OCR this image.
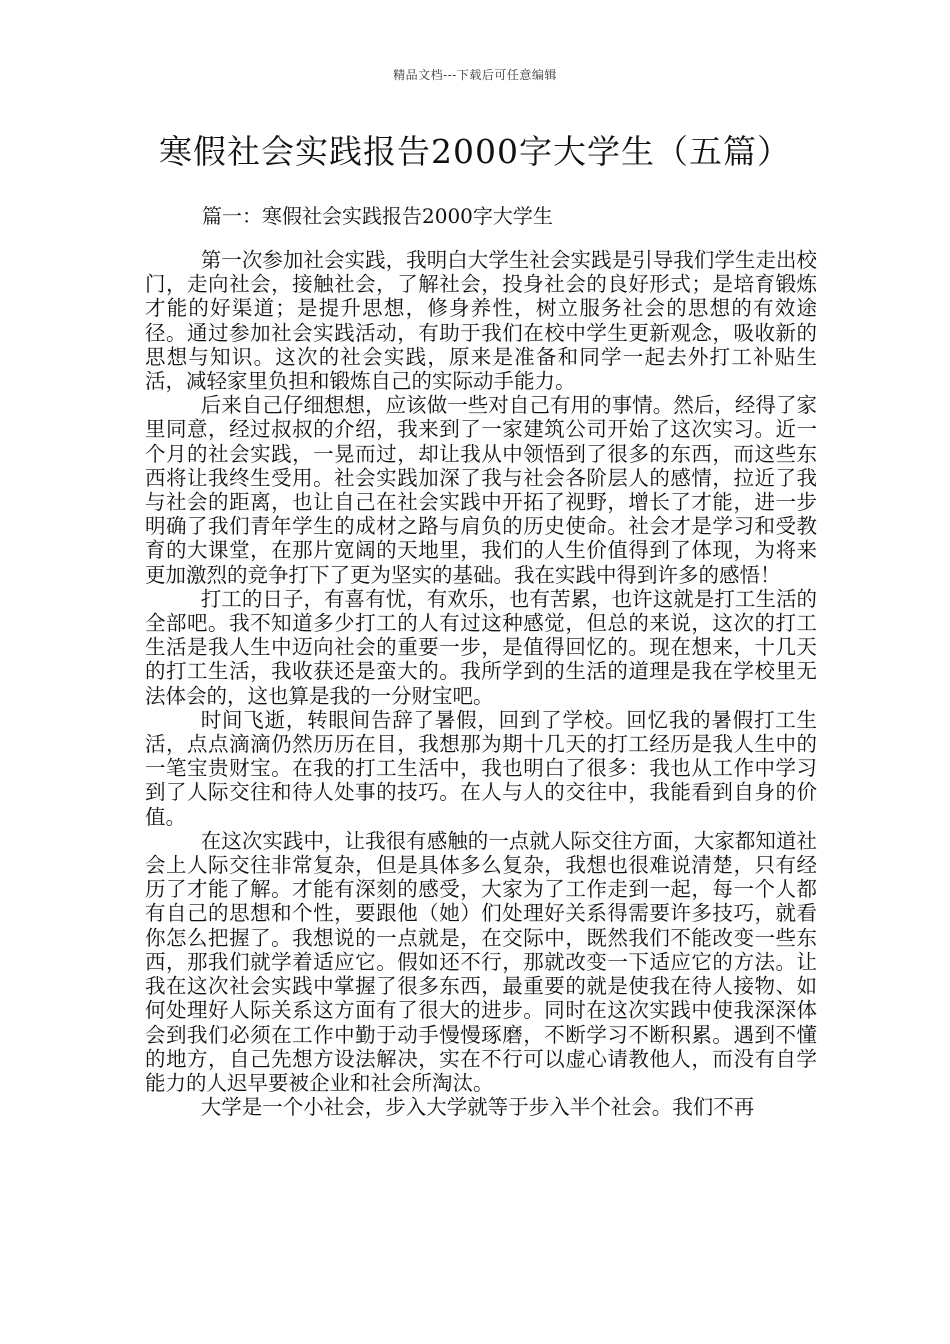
精品文档---下载后可任意编辑
寒假社会实践报告2000字大学生（五篇）
篇一：寒假社会实践报告2000字大学生

第一次参加社会实践，我明白大学生社会实践是引导我们学生走出校门，走向社会，接触社会，了解社会，投身社会的良好形式；是培育锻炼才能的好渠道；是提升思想，修身养性，树立服务社会的思想的有效途径。通过参加社会实践活动，有助于我们在校中学生更新观念，吸收新的思想与知识。这次的社会实践，原来是准备和同学一起去外打工补贴生活，减轻家里负担和锻炼自己的实际动手能力。

后来自己仔细想想，应该做一些对自己有用的事情。然后，经得了家里同意，经过叔叔的介绍，我来到了一家建筑公司开始了这次实习。近一个月的社会实践，一晃而过，却让我从中领悟到了很多的东西，而这些东西将让我终生受用。社会实践加深了我与社会各阶层人的感情，拉近了我与社会的距离，也让自己在社会实践中开拓了视野，增长了才能，进一步明确了我们青年学生的成材之路与肩负的历史使命。社会才是学习和受教育的大课堂，在那片宽阔的天地里，我们的人生价值得到了体现，为将来更加激烈的竞争打下了更为坚实的基础。我在实践中得到许多的感悟！

打工的日子，有喜有忧，有欢乐，也有苦累，也许这就是打工生活的全部吧。我不知道多少打工的人有过这种感觉，但总的来说，这次的打工生活是我人生中迈向社会的重要一步，是值得回忆的。现在想来，十几天的打工生活，我收获还是蛮大的。我所学到的生活的道理是我在学校里无法体会的，这也算是我的一分财宝吧。

时间飞逝，转眼间告辞了暑假，回到了学校。回忆我的暑假打工生活，点点滴滴仍然历历在目，我想那为期十几天的打工经历是我人生中的一笔宝贵财宝。在我的打工生活中，我也明白了很多：我也从工作中学习到了人际交往和待人处事的技巧。在人与人的交往中，我能看到自身的价值。

在这次实践中，让我很有感触的一点就人际交往方面，大家都知道社会上人际交往非常复杂，但是具体多么复杂，我想也很难说清楚，只有经历了才能了解。才能有深刻的感受，大家为了工作走到一起，每一个人都有自己的思想和个性，要跟他（她）们处理好关系得需要许多技巧，就看你怎么把握了。我想说的一点就是，在交际中，既然我们不能改变一些东西，那我们就学着适应它。假如还不行，那就改变一下适应它的方法。让我在这次社会实践中掌握了很多东西，最重要的就是使我在待人接物、如何处理好人际关系这方面有了很大的进步。同时在这次实践中使我深深体会到我们必须在工作中勤于动手慢慢琢磨，不断学习不断积累。遇到不懂的地方，自己先想方设法解决，实在不行可以虚心请教他人，而没有自学能力的人迟早要被企业和社会所淘汰。

大学是一个小社会，步入大学就等于步入半个社会。我们不再
